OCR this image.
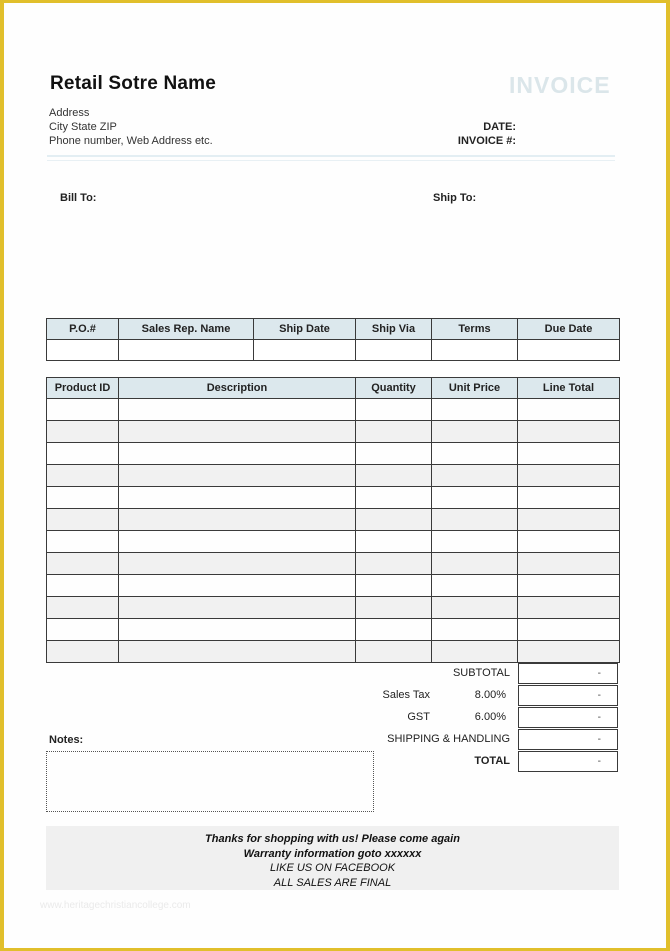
Retail Sotre Name
Address
City State ZIP
Phone number, Web Address etc.
INVOICE
DATE:
INVOICE #:
Bill To:	Ship To:
P.O.#	Sales Rep. Name	Ship Date	Ship Via	Terms	Due Date

Product ID	Description	Quantity	Unit Price	Line Total

SUBTOTAL	-
Sales Tax	8.00%	-
GST	6.00%	-
SHIPPING & HANDLING	-
TOTAL	-
Notes:
Thanks for shopping with us! Please come again
Warranty information goto xxxxxx
LIKE US ON FACEBOOK
ALL SALES ARE FINAL
www.heritagechristiancollege.com
